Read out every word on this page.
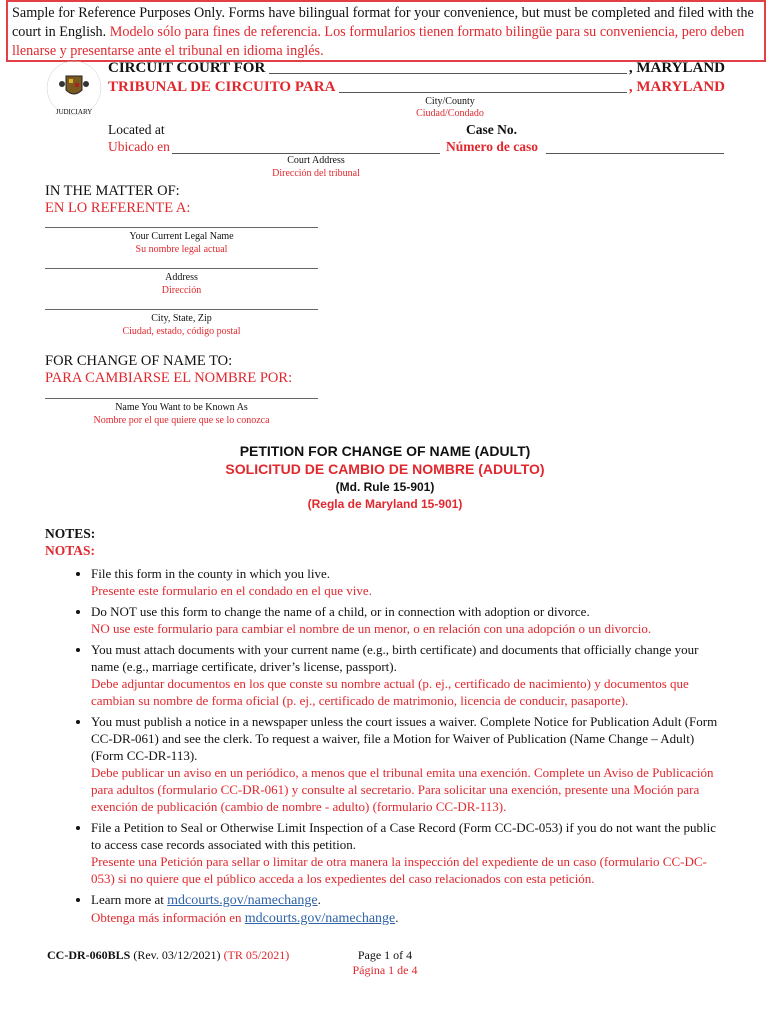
Sample for Reference Purposes Only. Forms have bilingual format for your convenience, but must be completed and filed with the court in English. Modelo sólo para fines de referencia. Los formularios tienen formato bilingüe para su conveniencia, pero deben llenarse y presentarse ante el tribunal en idioma inglés.
JUDICIARY
CIRCUIT COURT FOR	, MARYLAND
TRIBUNAL DE CIRCUITO PARA	, MARYLAND
City/County
Ciudad/Condado
Located at	Case No.
Ubicado en	Número de caso
Court Address
Dirección del tribunal
IN THE MATTER OF:
EN LO REFERENTE A:
Your Current Legal Name
Su nombre legal actual
Address
Dirección
City, State, Zip
Ciudad, estado, código postal
FOR CHANGE OF NAME TO:
PARA CAMBIARSE EL NOMBRE POR:
Name You Want to be Known As
Nombre por el que quiere que se lo conozca
PETITION FOR CHANGE OF NAME (ADULT)
SOLICITUD DE CAMBIO DE NOMBRE (ADULTO)
(Md. Rule 15-901)
(Regla de Maryland 15-901)
NOTES:
NOTAS:
• File this form in the county in which you live.
Presente este formulario en el condado en el que vive.
• Do NOT use this form to change the name of a child, or in connection with adoption or divorce.
NO use este formulario para cambiar el nombre de un menor, o en relación con una adopción o un divorcio.
• You must attach documents with your current name (e.g., birth certificate) and documents that officially change your name (e.g., marriage certificate, driver’s license, passport).
Debe adjuntar documentos en los que conste su nombre actual (p. ej., certificado de nacimiento) y documentos que cambian su nombre de forma oficial (p. ej., certificado de matrimonio, licencia de conducir, pasaporte).
• You must publish a notice in a newspaper unless the court issues a waiver. Complete Notice for Publication Adult (Form CC-DR-061) and see the clerk. To request a waiver, file a Motion for Waiver of Publication (Name Change – Adult) (Form CC-DR-113).
Debe publicar un aviso en un periódico, a menos que el tribunal emita una exención. Complete un Aviso de Publicación para adultos (formulario CC-DR-061) y consulte al secretario. Para solicitar una exención, presente una Moción para exención de publicación (cambio de nombre - adulto) (formulario CC-DR-113).
• File a Petition to Seal or Otherwise Limit Inspection of a Case Record (Form CC-DC-053) if you do not want the public to access case records associated with this petition.
Presente una Petición para sellar o limitar de otra manera la inspección del expediente de un caso (formulario CC-DC-053) si no quiere que el público acceda a los expedientes del caso relacionados con esta petición.
• Learn more at mdcourts.gov/namechange.
Obtenga más información en mdcourts.gov/namechange.
CC-DR-060BLS (Rev. 03/12/2021) (TR 05/2021)	Page 1 of 4
Página 1 de 4
